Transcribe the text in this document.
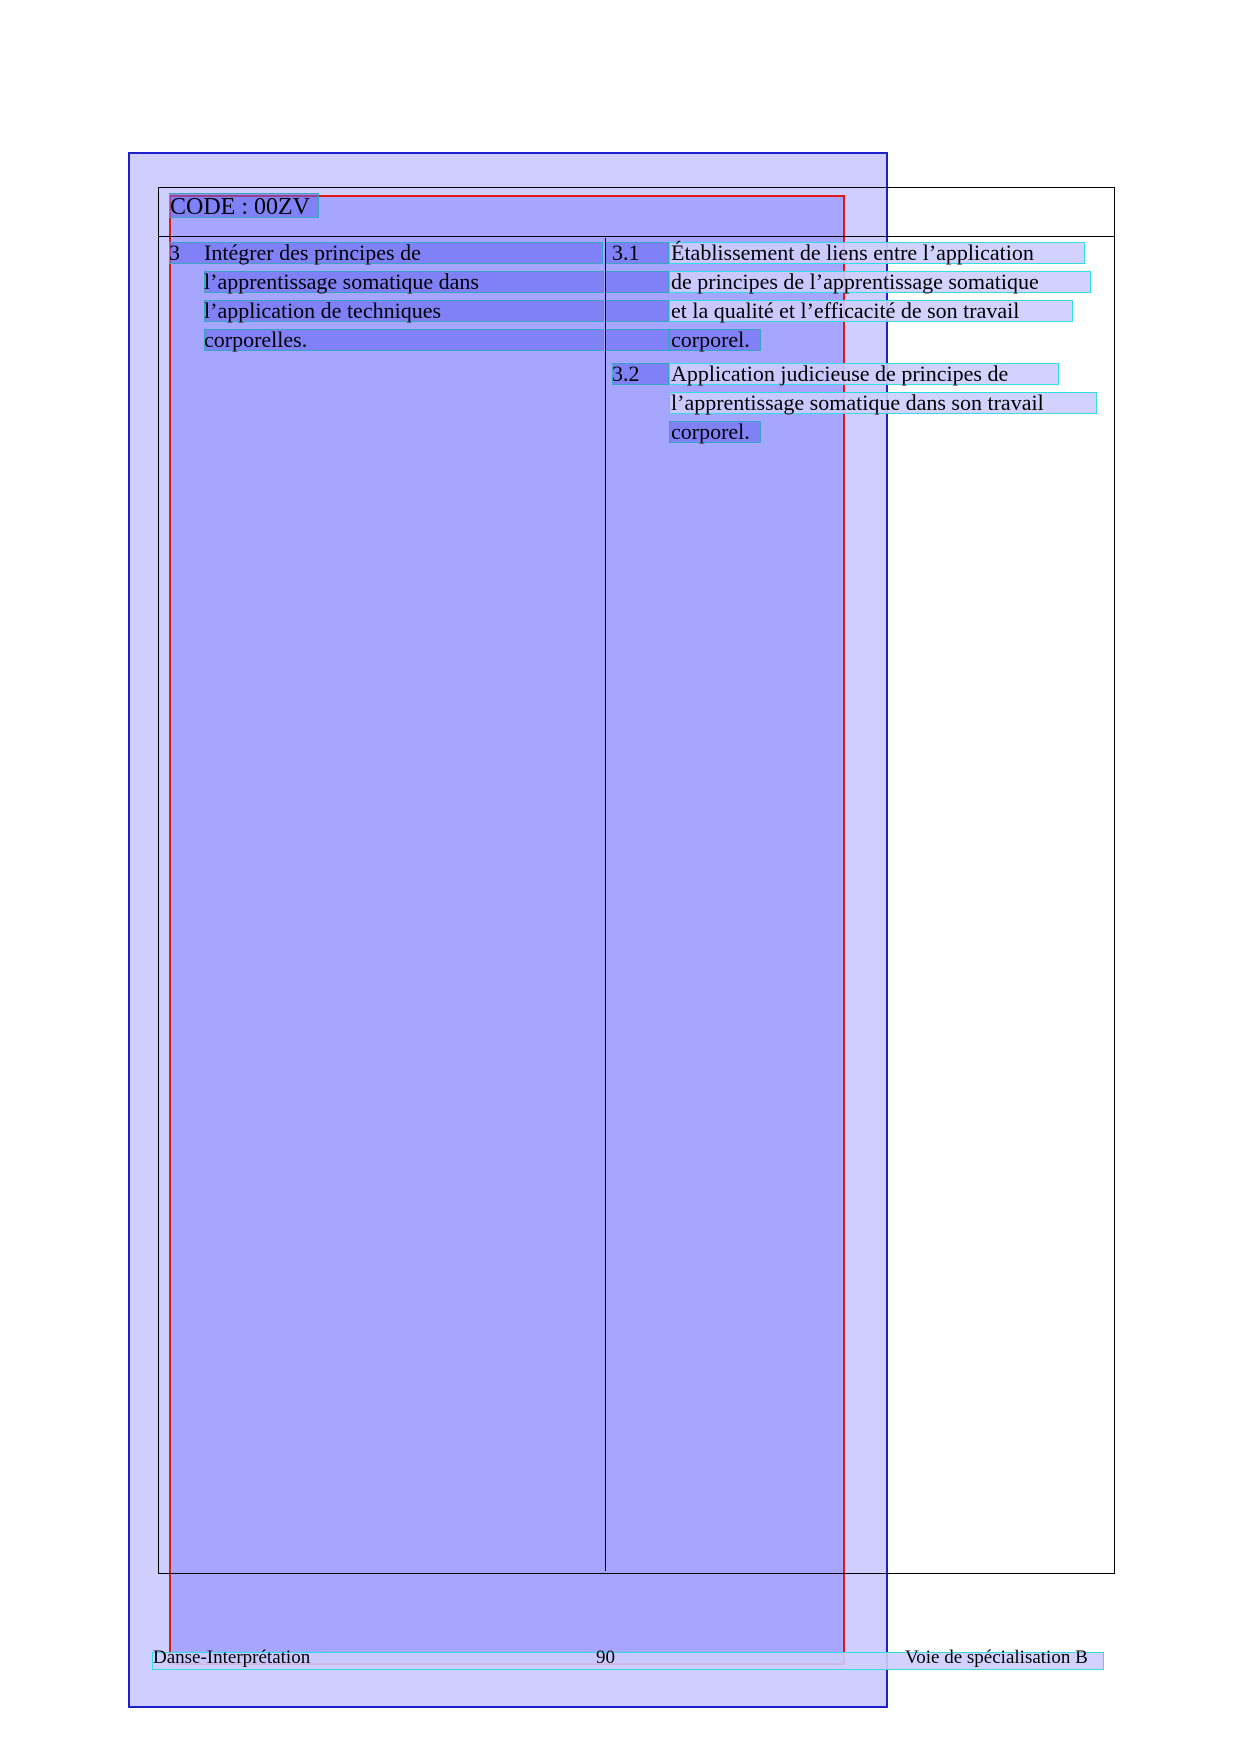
CODE : 00ZV
3 Intégrer des principes de
l’apprentissage somatique dans
l’application de techniques
corporelles.
3.1 Établissement de liens entre l’application
de principes de l’apprentissage somatique
et la qualité et l’efficacité de son travail
corporel.
3.2 Application judicieuse de principes de
l’apprentissage somatique dans son travail
corporel.
Danse-Interprétation	90	Voie de spécialisation B
